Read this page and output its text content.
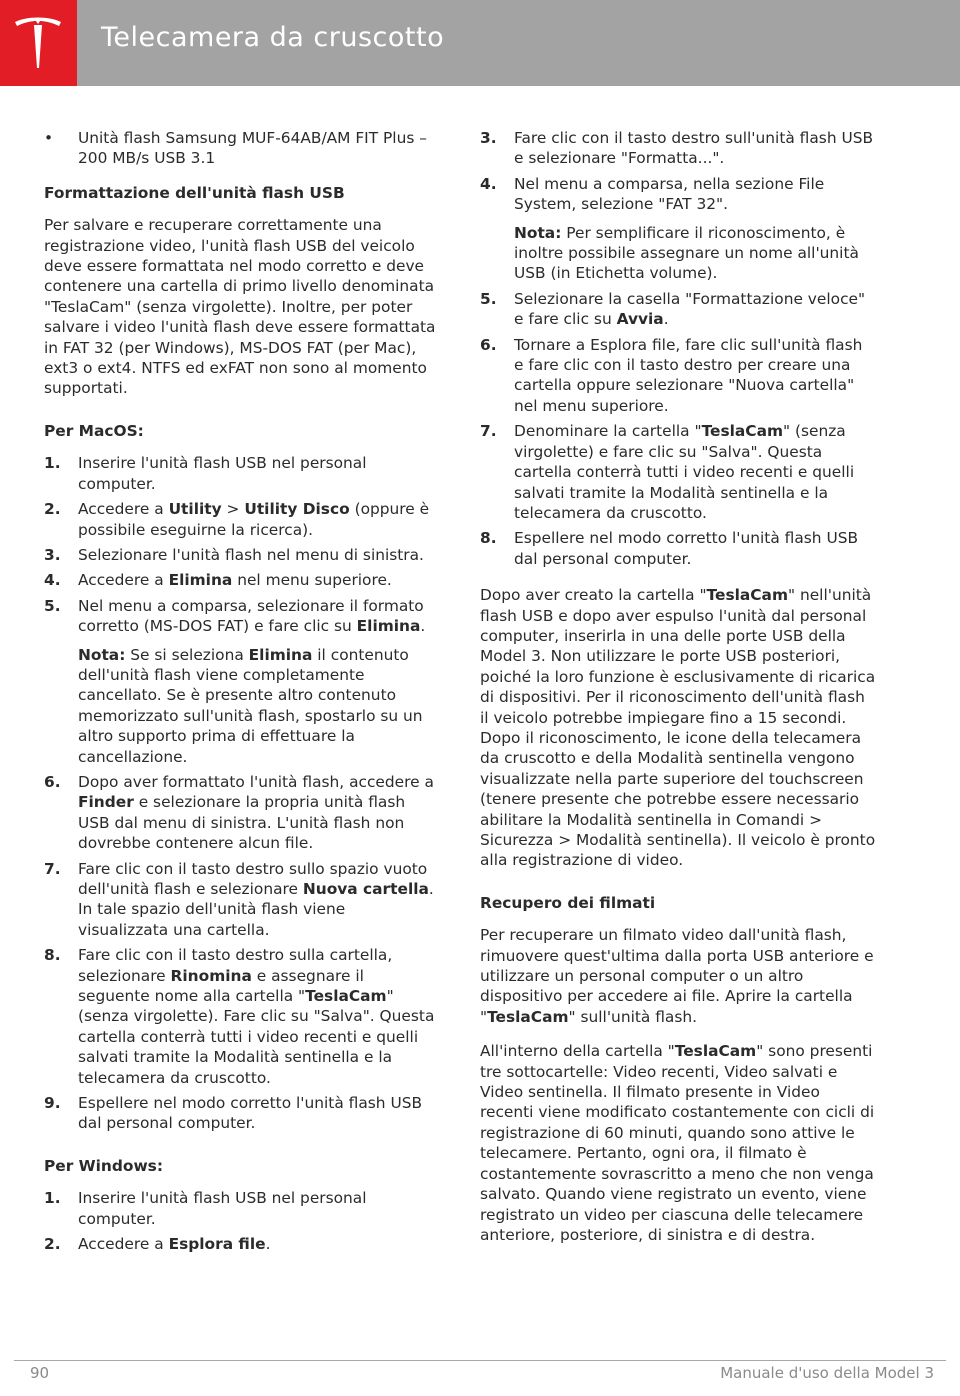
Telecamera da cruscotto
• Unità flash Samsung MUF-64AB/AM FIT Plus – 200 MB/s USB 3.1
Formattazione dell'unità flash USB

Per salvare e recuperare correttamente una registrazione video, l'unità flash USB del veicolo deve essere formattata nel modo corretto e deve contenere una cartella di primo livello denominata "TeslaCam" (senza virgolette). Inoltre, per poter salvare i video l'unità flash deve essere formattata in FAT 32 (per Windows), MS-DOS FAT (per Mac), ext3 o ext4. NTFS ed exFAT non sono al momento supportati.

Per MacOS:
1. Inserire l'unità flash USB nel personal computer.
2. Accedere a Utility > Utility Disco (oppure è possibile eseguirne la ricerca).
3. Selezionare l'unità flash nel menu di sinistra.
4. Accedere a Elimina nel menu superiore.
5. Nel menu a comparsa, selezionare il formato corretto (MS-DOS FAT) e fare clic su Elimina.

Nota: Se si seleziona Elimina il contenuto dell'unità flash viene completamente cancellato. Se è presente altro contenuto memorizzato sull'unità flash, spostarlo su un altro supporto prima di effettuare la cancellazione.

6. Dopo aver formattato l'unità flash, accedere a Finder e selezionare la propria unità flash USB dal menu di sinistra. L'unità flash non dovrebbe contenere alcun file.
7. Fare clic con il tasto destro sullo spazio vuoto dell'unità flash e selezionare Nuova cartella. In tale spazio dell'unità flash viene visualizzata una cartella.
8. Fare clic con il tasto destro sulla cartella, selezionare Rinomina e assegnare il seguente nome alla cartella "TeslaCam" (senza virgolette). Fare clic su "Salva". Questa cartella conterrà tutti i video recenti e quelli salvati tramite la Modalità sentinella e la telecamera da cruscotto.
9. Espellere nel modo corretto l'unità flash USB dal personal computer.
Per Windows:
1. Inserire l'unità flash USB nel personal computer.
2. Accedere a Esplora file.
3. Fare clic con il tasto destro sull'unità flash USB e selezionare "Formatta...".
4. Nel menu a comparsa, nella sezione File System, selezione "FAT 32".

Nota: Per semplificare il riconoscimento, è inoltre possibile assegnare un nome all'unità USB (in Etichetta volume).

5. Selezionare la casella "Formattazione veloce" e fare clic su Avvia.
6. Tornare a Esplora file, fare clic sull'unità flash e fare clic con il tasto destro per creare una cartella oppure selezionare "Nuova cartella" nel menu superiore.
7. Denominare la cartella "TeslaCam" (senza virgolette) e fare clic su "Salva". Questa cartella conterrà tutti i video recenti e quelli salvati tramite la Modalità sentinella e la telecamera da cruscotto.
8. Espellere nel modo corretto l'unità flash USB dal personal computer.

Dopo aver creato la cartella "TeslaCam" nell'unità flash USB e dopo aver espulso l'unità dal personal computer, inserirla in una delle porte USB della Model 3. Non utilizzare le porte USB posteriori, poiché la loro funzione è esclusivamente di ricarica di dispositivi. Per il riconoscimento dell'unità flash il veicolo potrebbe impiegare fino a 15 secondi. Dopo il riconoscimento, le icone della telecamera da cruscotto e della Modalità sentinella vengono visualizzate nella parte superiore del touchscreen (tenere presente che potrebbe essere necessario abilitare la Modalità sentinella in Comandi > Sicurezza > Modalità sentinella). Il veicolo è pronto alla registrazione di video.

Recupero dei filmati

Per recuperare un filmato video dall'unità flash, rimuovere quest'ultima dalla porta USB anteriore e utilizzare un personal computer o un altro dispositivo per accedere ai file. Aprire la cartella "TeslaCam" sull'unità flash.

All'interno della cartella "TeslaCam" sono presenti tre sottocartelle: Video recenti, Video salvati e Video sentinella. Il filmato presente in Video recenti viene modificato costantemente con cicli di registrazione di 60 minuti, quando sono attive le telecamere. Pertanto, ogni ora, il filmato è costantemente sovrascritto a meno che non venga salvato. Quando viene registrato un evento, viene registrato un video per ciascuna delle telecamere anteriore, posteriore, di sinistra e di destra.

90	Manuale d'uso della Model 3
